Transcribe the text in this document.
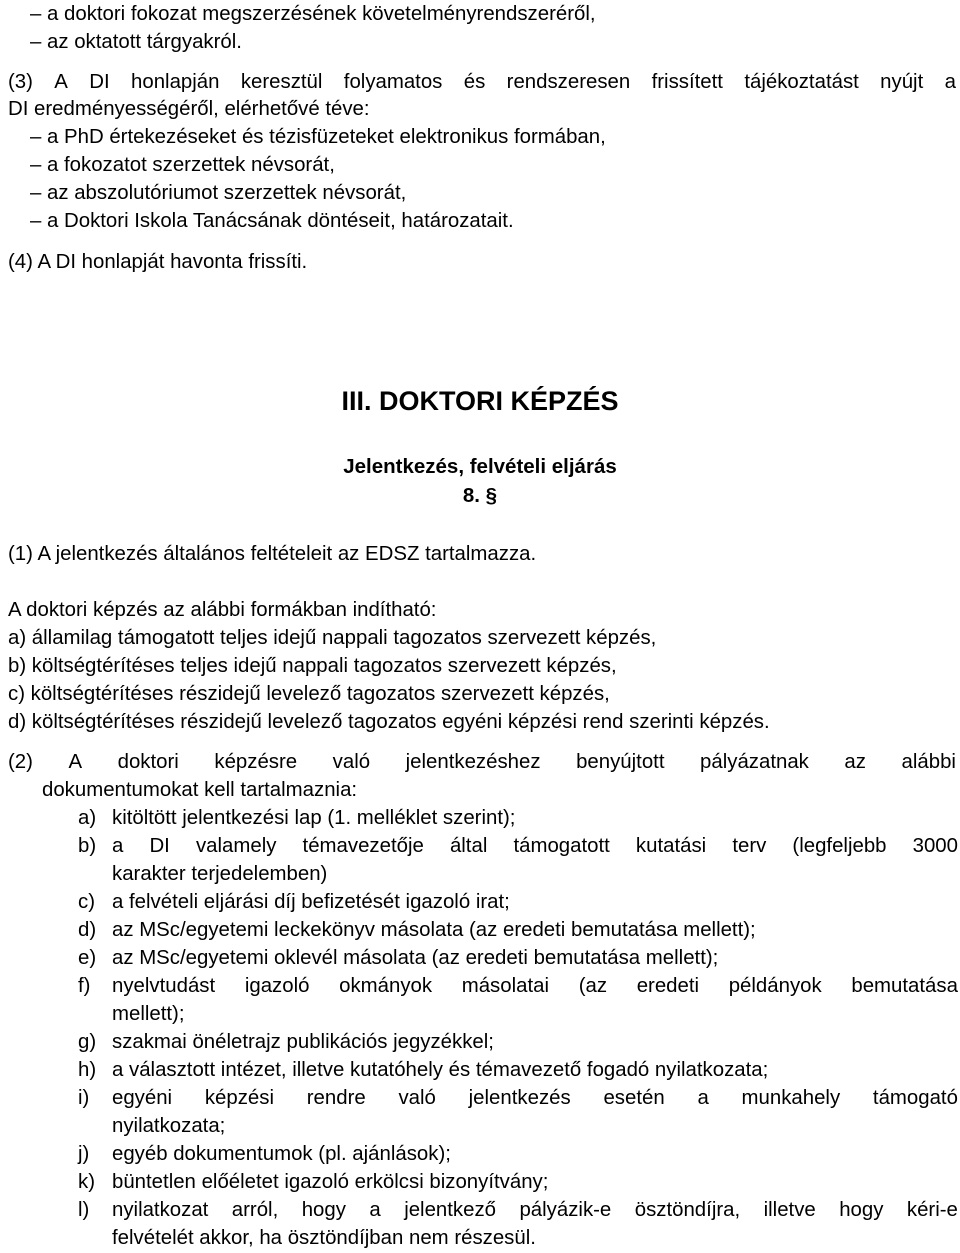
– a doktori fokozat megszerzésének követelményrendszeréről,
– az oktatott tárgyakról.
(3) A DI honlapján keresztül folyamatos és rendszeresen frissített tájékoztatást nyújt a
DI eredményességéről, elérhetővé téve:
– a PhD értekezéseket és tézisfüzeteket elektronikus formában,
– a fokozatot szerzettek névsorát,
– az abszolutóriumot szerzettek névsorát,
– a Doktori Iskola Tanácsának döntéseit, határozatait.
(4) A DI honlapját havonta frissíti.
III. DOKTORI KÉPZÉS
Jelentkezés, felvételi eljárás
8. §
(1) A jelentkezés általános feltételeit az EDSZ tartalmazza.
A doktori képzés az alábbi formákban indítható:
a) államilag támogatott teljes idejű nappali tagozatos szervezett képzés,
b) költségtérítéses teljes idejű nappali tagozatos szervezett képzés,
c) költségtérítéses részidejű levelező tagozatos szervezett képzés,
d) költségtérítéses részidejű levelező tagozatos egyéni képzési rend szerinti képzés.
(2) A doktori képzésre való jelentkezéshez benyújtott pályázatnak az alábbi
dokumentumokat kell tartalmaznia:
a) kitöltött jelentkezési lap (1. melléklet szerint);
b) a DI valamely témavezetője által támogatott kutatási terv (legfeljebb 3000
karakter terjedelemben)
c) a felvételi eljárási díj befizetését igazoló irat;
d) az MSc/egyetemi leckekönyv másolata (az eredeti bemutatása mellett);
e) az MSc/egyetemi oklevél másolata (az eredeti bemutatása mellett);
f) nyelvtudást igazoló okmányok másolatai (az eredeti példányok bemutatása
mellett);
g) szakmai önéletrajz publikációs jegyzékkel;
h) a választott intézet, illetve kutatóhely és témavezető fogadó nyilatkozata;
i) egyéni képzési rendre való jelentkezés esetén a munkahely támogató
nyilatkozata;
j) egyéb dokumentumok (pl. ajánlások);
k) büntetlen előéletet igazoló erkölcsi bizonyítvány;
l) nyilatkozat arról, hogy a jelentkező pályázik-e ösztöndíjra, illetve hogy kéri-e
felvételét akkor, ha ösztöndíjban nem részesül.
